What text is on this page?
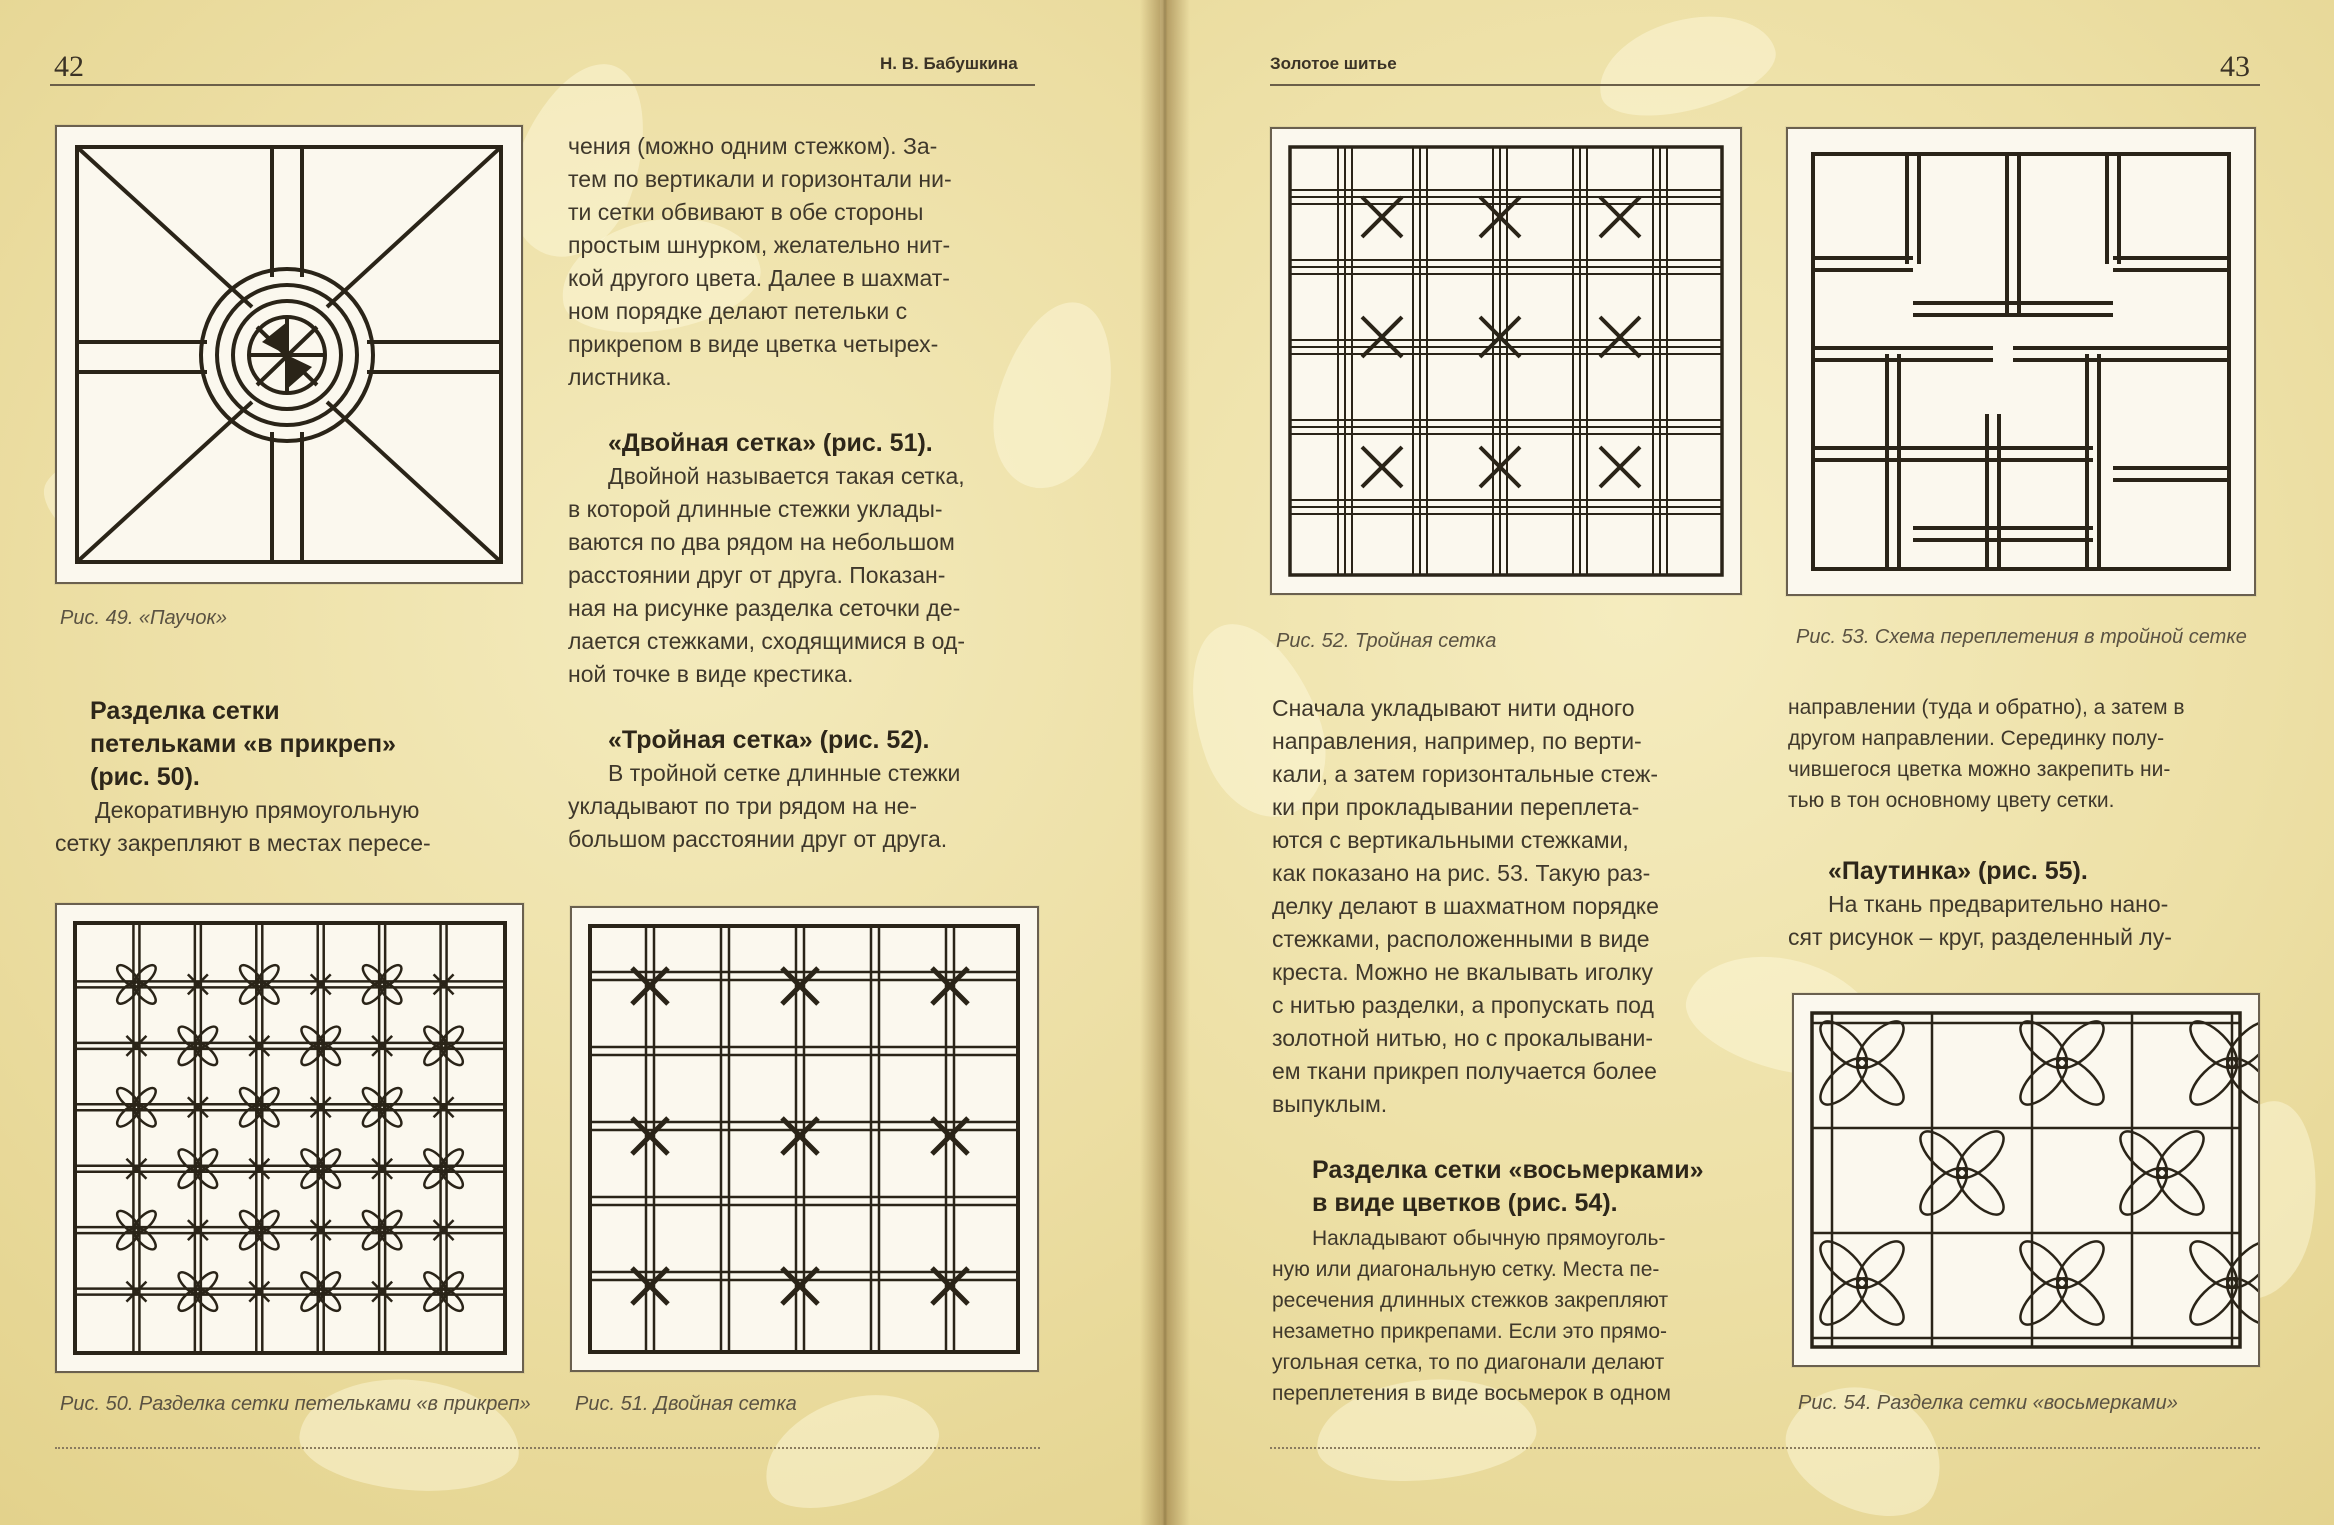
42	Н. В. Бабушкина
Рис. 49. «Паучок»

чения (можно одним стежком). За-

тем по вертикали и горизонтали ни-

ти сетки обвивают в обе стороны

простым шнурком, желательно нит-

кой другого цвета. Далее в шахмат-

ном порядке делают петельки с

прикрепом в виде цветка четырех-

листника.

«Двойная сетка» (рис. 51).

Двойной называется такая сетка,

в которой длинные стежки уклады-

ваются по два рядом на небольшом

расстоянии друг от друга. Показан-

ная на рисунке разделка сеточки де-

лается стежками, сходящимися в од-

ной точке в виде крестика.

«Тройная сетка» (рис. 52).

В тройной сетке длинные стежки

укладывают по три рядом на не-

большом расстоянии друг от друга.

Разделка сетки

петельками «в прикреп»

(рис. 50).

Декоративную прямоугольную

сетку закрепляют в местах пересе-

Рис. 50. Разделка сетки петельками «в прикреп» Рис. 51. Двойная сетка
Золотое шитье	43
Рис. 52. Тройная сетка	Рис. 53. Схема переплетения в тройной сетке

Сначала укладывают нити одного

направления, например, по верти-

кали, а затем горизонтальные стеж-

ки при прокладывании переплета-

ются с вертикальными стежками,

как показано на рис. 53. Такую раз-

делку делают в шахматном порядке

стежками, расположенными в виде

креста. Можно не вкалывать иголку

с нитью разделки, а пропускать под

золотной нитью, но с прокалывани-

ем ткани прикреп получается более

выпуклым.

Разделка сетки «восьмерками»

в виде цветков (рис. 54).

Накладывают обычную прямоуголь-

ную или диагональную сетку. Места пе-

ресечения длинных стежков закрепляют

незаметно прикрепами. Если это прямо-

угольная сетка, то по диагонали делают

переплетения в виде восьмерок в одном

направлении (туда и обратно), а затем в

другом направлении. Серединку полу-

чившегося цветка можно закрепить ни-

тью в тон основному цвету сетки.

«Паутинка» (рис. 55).

На ткань предварительно нано-

сят рисунок – круг, разделенный лу-

Рис. 54. Разделка сетки «восьмерками»
